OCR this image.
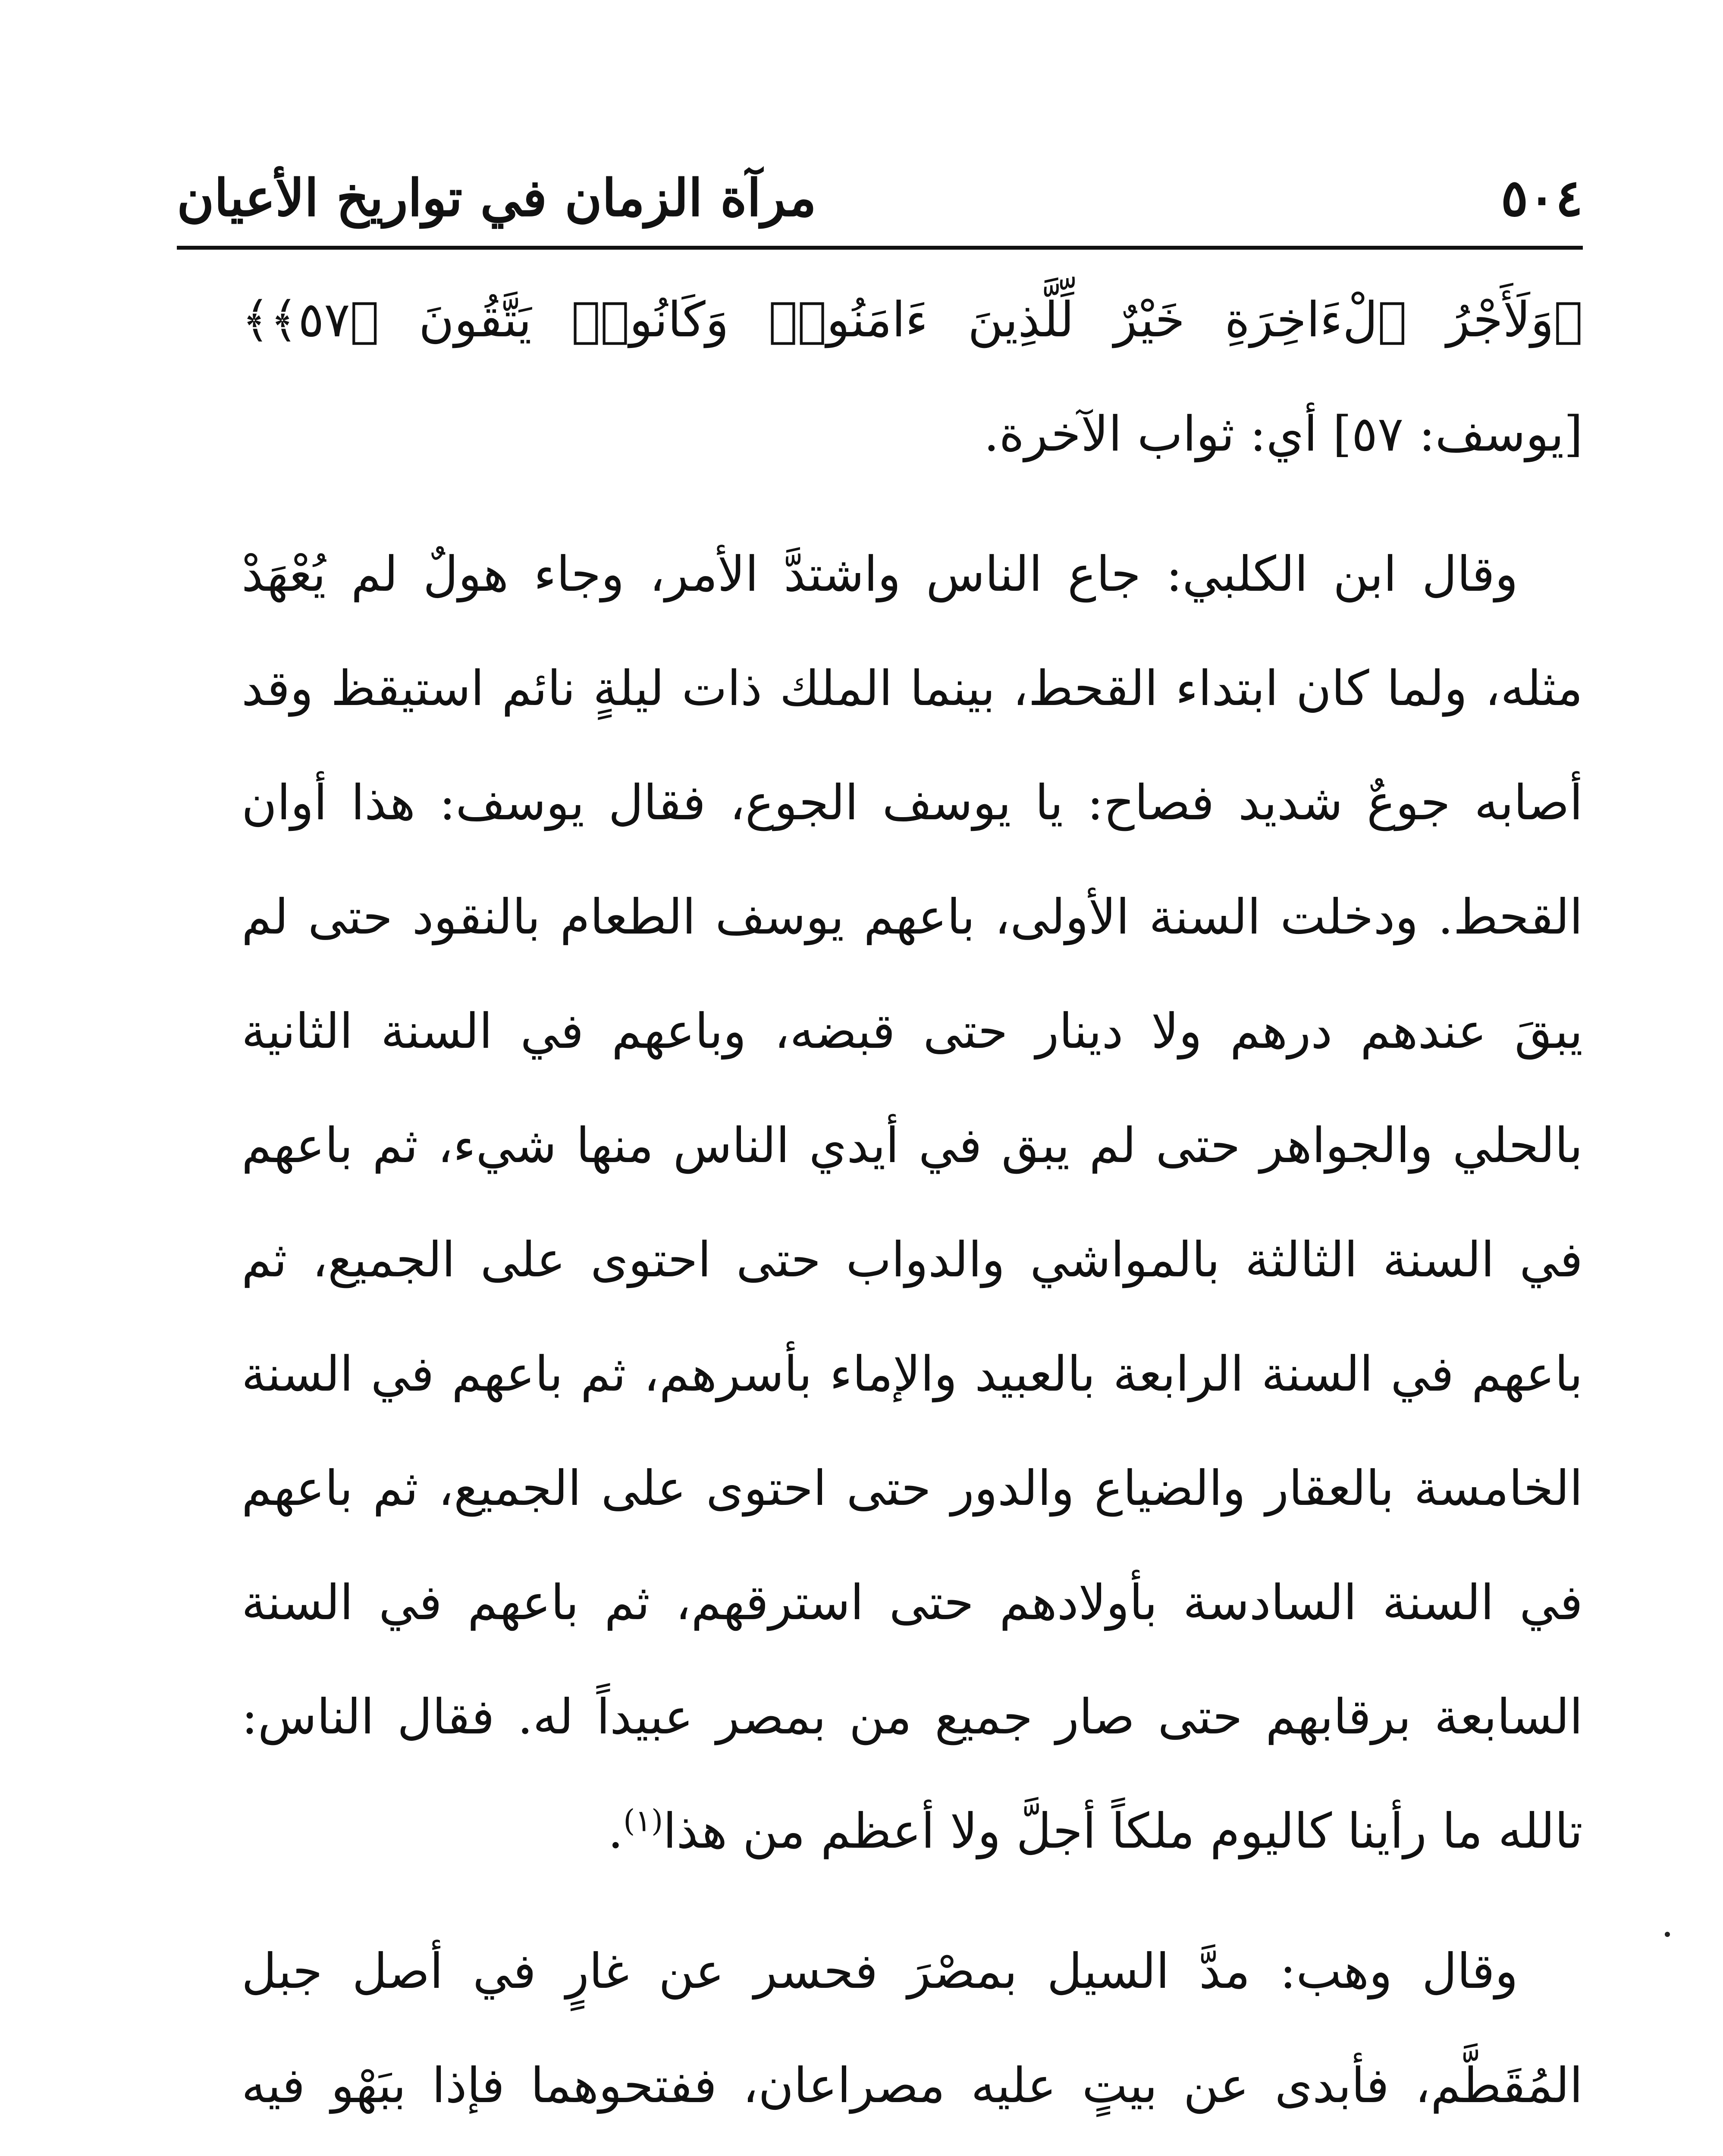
٥٠٤
مرآة الزمان في تواريخ الأعيان

﴿وَلَأَجْرُ ٱلْءَاخِرَةِ خَيْرٌ لِّلَّذِينَ ءَامَنُوا۟ وَكَانُوا۟ يَتَّقُونَ ﴿٥٧﴾﴾ [يوسف: ٥٧] أي: ثواب الآخرة.

وقال ابن الكلبي: جاع الناس واشتدَّ الأمر، وجاء هولٌ لم يُعْهَدْ مثله، ولما كان ابتداء القحط، بينما الملك ذات ليلةٍ نائم استيقظ وقد أصابه جوعٌ شديد فصاح: يا يوسف الجوع، فقال يوسف: هذا أوان القحط. ودخلت السنة الأولى، باعهم يوسف الطعام بالنقود حتى لم يبقَ عندهم درهم ولا دينار حتى قبضه، وباعهم في السنة الثانية بالحلي والجواهر حتى لم يبق في أيدي الناس منها شيء، ثم باعهم في السنة الثالثة بالمواشي والدواب حتى احتوى على الجميع، ثم باعهم في السنة الرابعة بالعبيد والإماء بأسرهم، ثم باعهم في السنة الخامسة بالعقار والضياع والدور حتى احتوى على الجميع، ثم باعهم في السنة السادسة بأولادهم حتى استرقهم، ثم باعهم في السنة السابعة برقابهم حتى صار جميع من بمصر عبيداً له. فقال الناس: تالله ما رأينا كاليوم ملكاً أجلَّ ولا أعظم من هذا$^{(١)}$.

وقال وهب: مدَّ السيل بمصْرَ فحسر عن غارٍ في أصل جبل المُقَطَّم، فأبدى عن بيتٍ عليه مصراعان، ففتحوهما فإذا ببَهْو فيه
